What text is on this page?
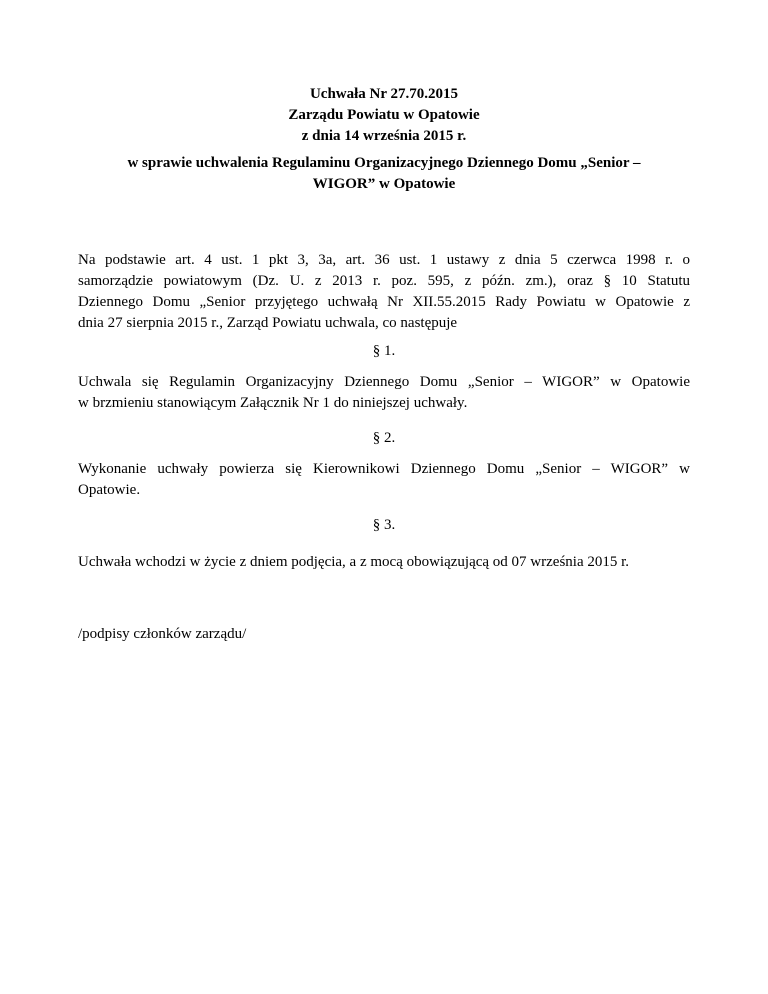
Uchwała Nr 27.70.2015
Zarządu Powiatu w Opatowie
z dnia 14 września 2015 r.
w sprawie uchwalenia Regulaminu Organizacyjnego Dziennego Domu „Senior –
WIGOR” w Opatowie
Na podstawie art. 4 ust. 1 pkt 3, 3a, art. 36 ust. 1 ustawy z dnia 5 czerwca 1998 r. o
samorządzie powiatowym (Dz. U. z 2013 r. poz. 595, z późn. zm.), oraz § 10 Statutu
Dziennego Domu „Senior przyjętego uchwałą Nr XII.55.2015 Rady Powiatu w Opatowie z
dnia 27 sierpnia 2015 r., Zarząd Powiatu uchwala, co następuje
§ 1.
Uchwala się Regulamin Organizacyjny Dziennego Domu „Senior – WIGOR” w Opatowie
w brzmieniu stanowiącym Załącznik Nr 1 do niniejszej uchwały.
§ 2.
Wykonanie uchwały powierza się Kierownikowi Dziennego Domu „Senior – WIGOR” w
Opatowie.
§ 3.
Uchwała wchodzi w życie z dniem podjęcia, a z mocą obowiązującą od 07 września 2015 r.
/podpisy członków zarządu/
